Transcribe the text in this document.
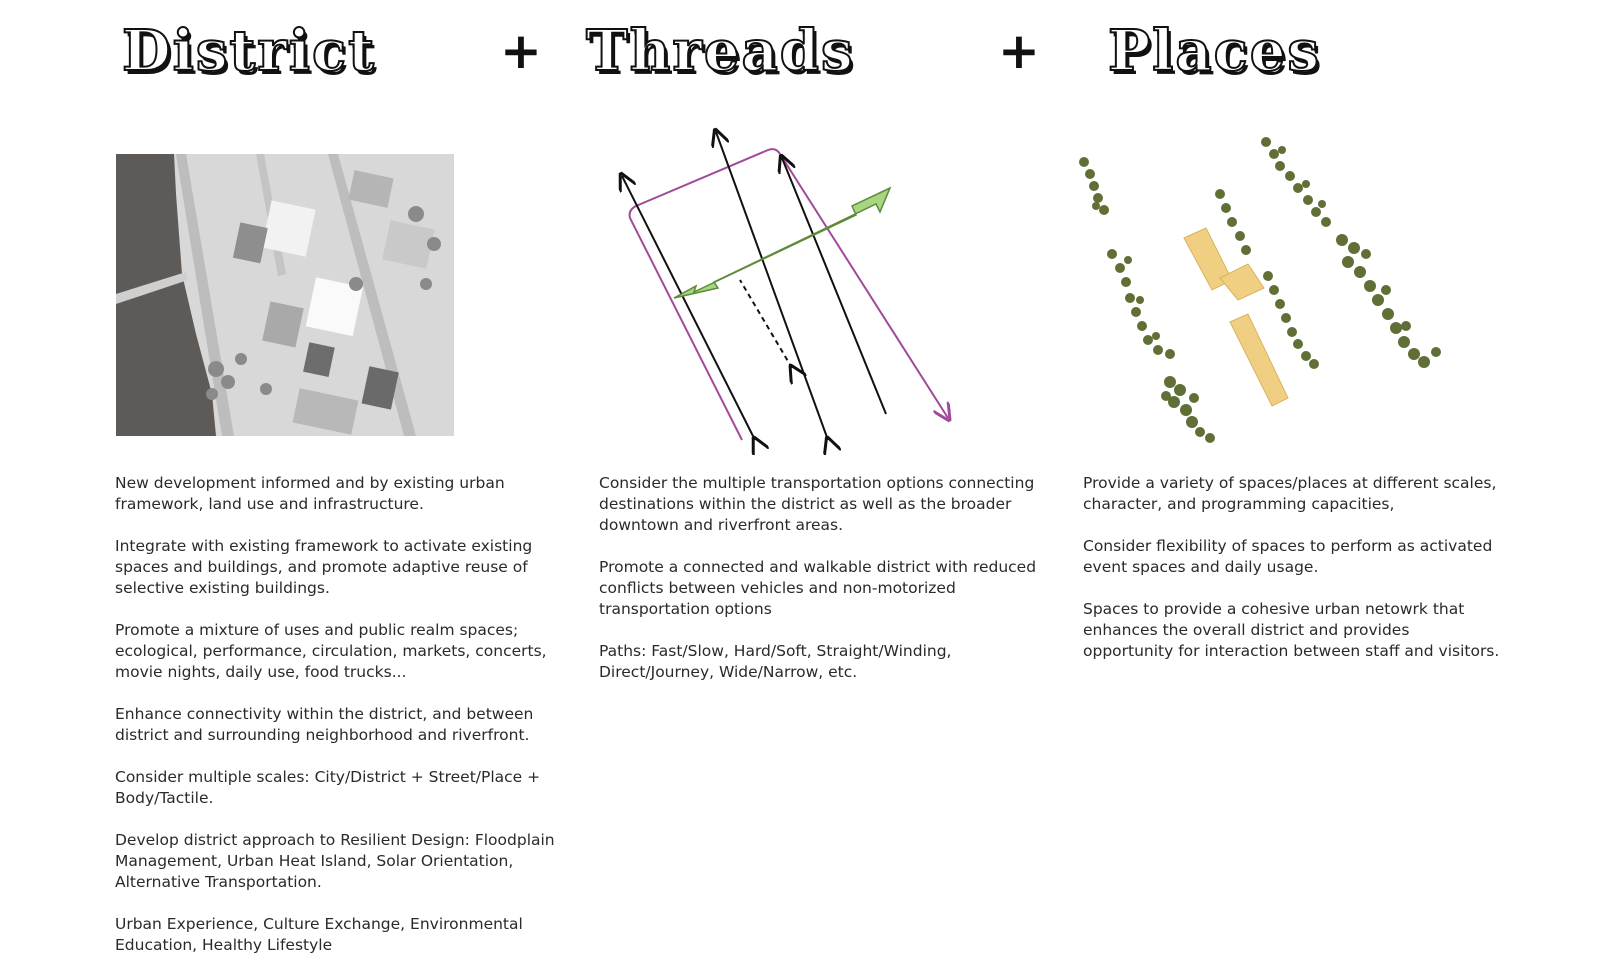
District + Threads	+ Places

New development informed and by existing urban framework, land use and infrastructure.

Integrate with existing framework to activate existing spaces and buildings, and promote adaptive reuse of selective existing buildings.

Promote a mixture of uses and public realm spaces; ecological, performance, circulation, markets, concerts, movie nights, daily use, food trucks...

Enhance connectivity within the district, and between district and surrounding neighborhood and riverfront.

Consider multiple scales: City/District + Street/Place + Body/Tactile.

Develop district approach to Resilient Design: Floodplain Management, Urban Heat Island, Solar Orientation, Alternative Transportation.

Urban Experience, Culture Exchange, Environmental Education, Healthy Lifestyle

Consider the multiple transportation options connecting destinations within the district as well as the broader downtown and riverfront areas.

Promote a connected and walkable district with reduced conflicts between vehicles and non-motorized transportation options

Paths: Fast/Slow, Hard/Soft, Straight/Winding, Direct/Journey, Wide/Narrow, etc.

Provide a variety of spaces/places at different scales, character, and programming capacities,

Consider flexibility of spaces to perform as activated event spaces and daily usage.

Spaces to provide a cohesive urban netowrk that enhances the overall district and provides opportunity for interaction between staff and visitors.
